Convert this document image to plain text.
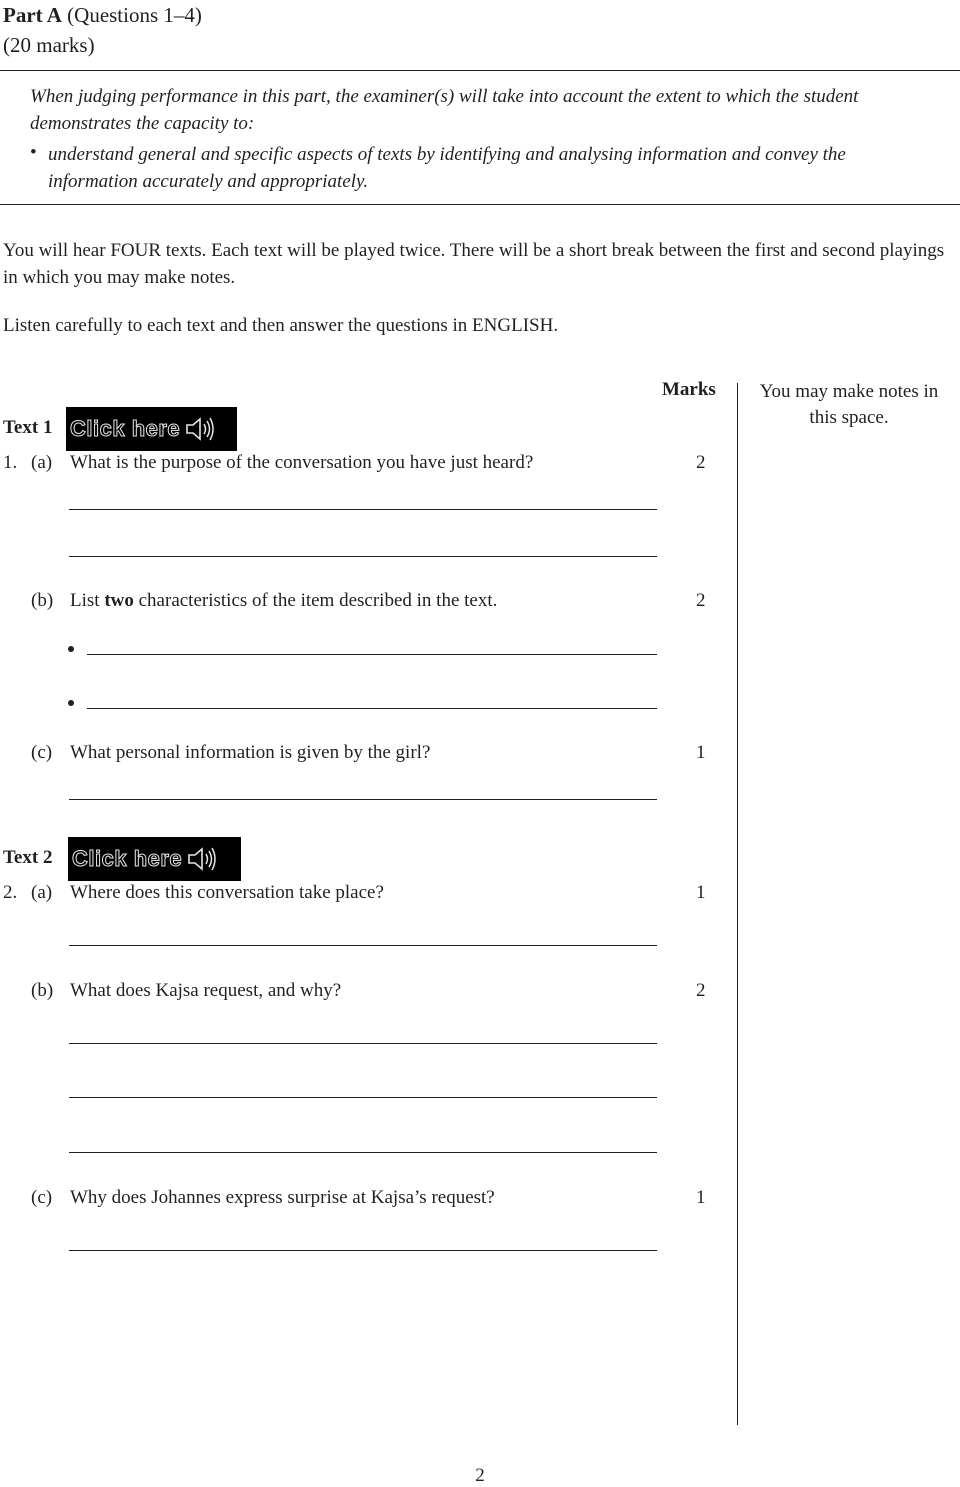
Part A (Questions 1–4)
(20 marks)
When judging performance in this part, the examiner(s) will take into account the extent to which the student demonstrates the capacity to:
• understand general and specific aspects of texts by identifying and analysing information and convey the information accurately and appropriately.
You will hear FOUR texts. Each text will be played twice. There will be a short break between the first and second playings in which you may make notes.
Listen carefully to each text and then answer the questions in ENGLISH.
Marks	You may make notes in this space.
Text 1 Click here
1. (a) What is the purpose of the conversation you have just heard?	2
(b) List two characteristics of the item described in the text.	2
(c) What personal information is given by the girl?	1
Text 2 Click here
2. (a) Where does this conversation take place?	1
(b) What does Kajsa request, and why?	2
(c) Why does Johannes express surprise at Kajsa’s request?	1
2
